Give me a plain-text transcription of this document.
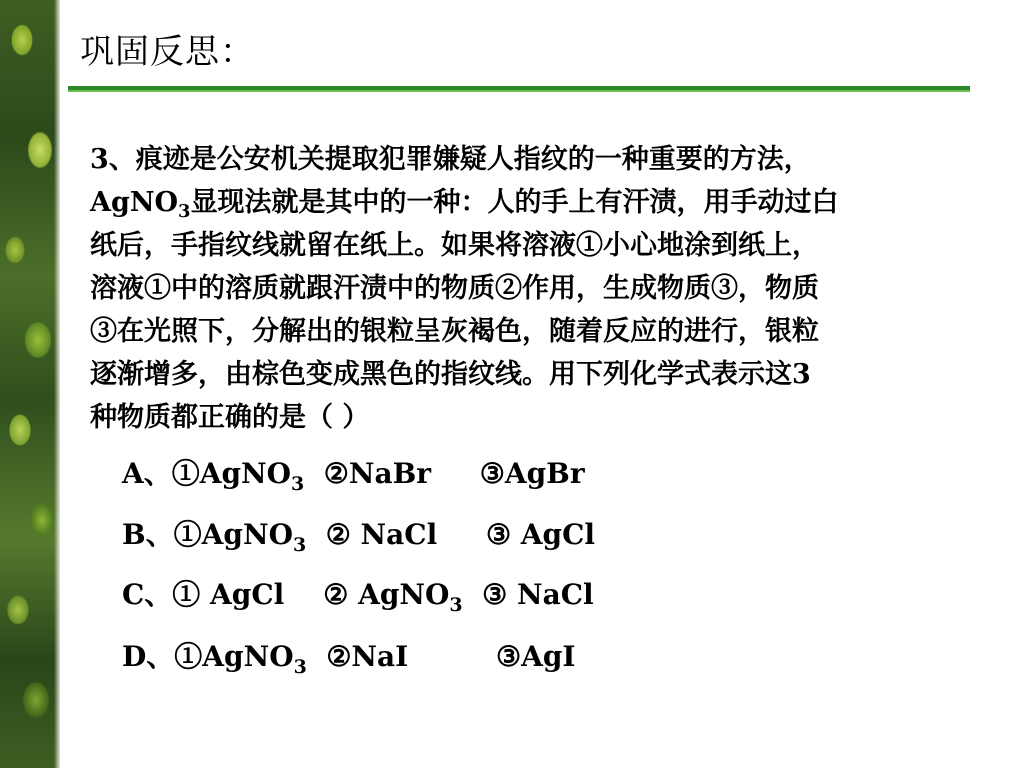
巩固反思：
3、痕迹是公安机关提取犯罪嫌疑人指纹的一种重要的方法，
AgNO$_3$显现法就是其中的一种：人的手上有汗渍，用手动过白
纸后，手指纹线就留在纸上。如果将溶液①小心地涂到纸上，
溶液①中的溶质就跟汗渍中的物质②作用，生成物质③，物质
③在光照下，分解出的银粒呈灰褐色，随着反应的进行，银粒
逐渐增多，由棕色变成黑色的指纹线。用下列化学式表示这3
种物质都正确的是（ ）
A、①AgNO$_3$  ②NaBr     ③AgBr
B、①AgNO$_3$  ② NaCl     ③ AgCl
C、① AgCl    ② AgNO$_3$  ③ NaCl
D、①AgNO$_3$  ②NaI         ③AgI
